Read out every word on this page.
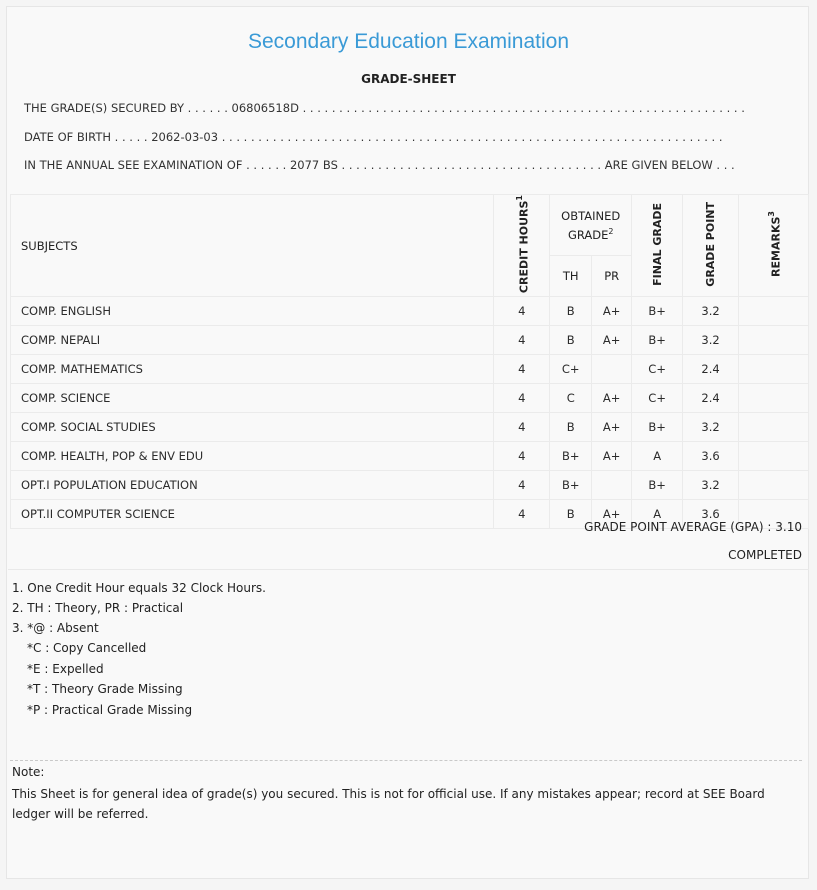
Secondary Education Examination
GRADE-SHEET
THE GRADE(S) SECURED BY . . . . . . 06806518D . . . . . . . . . . . . . . . . . . . . . . . . . . . . . . . . . . . . . . . . . . . . . . . . . . . . . . . . . . . . .
DATE OF BIRTH . . . . . 2062-03-03 . . . . . . . . . . . . . . . . . . . . . . . . . . . . . . . . . . . . . . . . . . . . . . . . . . . . . . . . . . . . . . . . . . . . .
IN THE ANNUAL SEE EXAMINATION OF . . . . . . 2077 BS . . . . . . . . . . . . . . . . . . . . . . . . . . . . . . . . . . . . ARE GIVEN BELOW . . .
SUBJECTS	CREDIT HOURS$^1$	OBTAINED GRADE$^2$		FINAL GRADE	GRADE POINT	REMARKS$^3$
		TH	PR			
COMP. ENGLISH	4	B	A+	B+	3.2	
COMP. NEPALI	4	B	A+	B+	3.2	
COMP. MATHEMATICS	4	C+		C+	2.4	
COMP. SCIENCE	4	C	A+	C+	2.4	
COMP. SOCIAL STUDIES	4	B	A+	B+	3.2	
COMP. HEALTH, POP & ENV EDU	4	B+	A+	A	3.6	
OPT.I POPULATION EDUCATION	4	B+		B+	3.2	
OPT.II COMPUTER SCIENCE	4	B	A+	A	3.6	
GRADE POINT AVERAGE (GPA) : 3.10
COMPLETED
1. One Credit Hour equals 32 Clock Hours.
2. TH : Theory, PR : Practical
3. *@ : Absent
*C : Copy Cancelled
*E : Expelled
*T : Theory Grade Missing
*P : Practical Grade Missing
Note:
This Sheet is for general idea of grade(s) you secured. This is not for official use. If any mistakes appear; record at SEE Board ledger will be referred.
